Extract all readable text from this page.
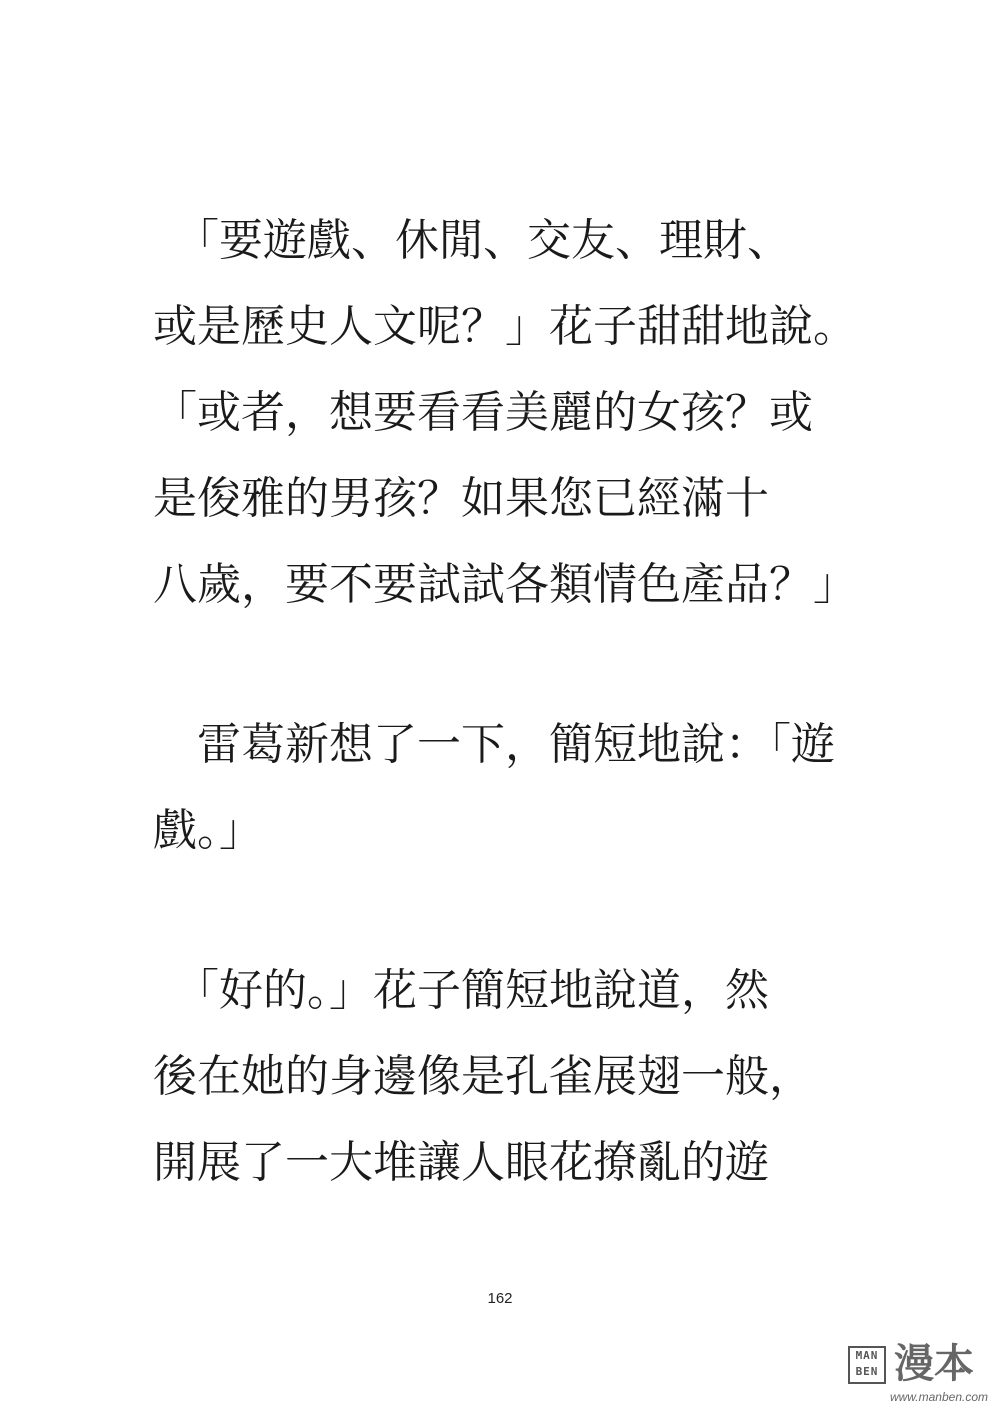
　「要遊戲、休閒、交友、理財、
或是歷史人文呢？」花子甜甜地說。
「或者，想要看看美麗的女孩？或
是俊雅的男孩？如果您已經滿十
八歲，要不要試試各類情色產品？」
　雷葛新想了一下，簡短地說：「遊
戲。」
　「好的。」花子簡短地說道，然
後在她的身邊像是孔雀展翅一般，
開展了一大堆讓人眼花撩亂的遊
162
MAN
BEN 漫本
www.manben.com
